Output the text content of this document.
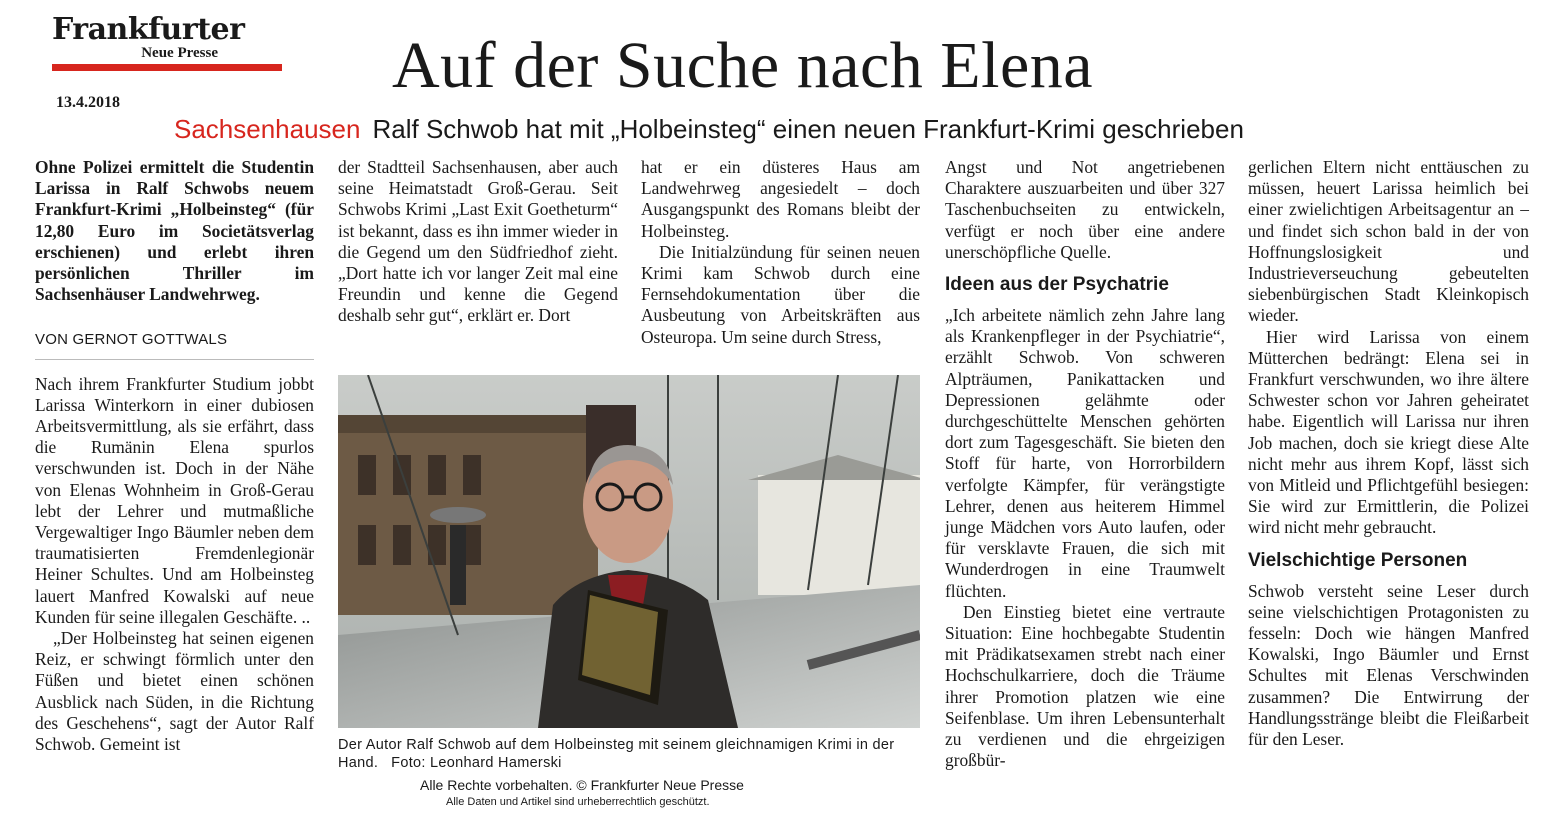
Frankfurter
Neue Presse
13.4.2018
Auf der Suche nach Elena
Sachsenhausen Ralf Schwob hat mit „Holbeinsteg“ einen neuen Frankfurt-Krimi geschrieben

Ohne Polizei ermittelt die Studentin Larissa in Ralf Schwobs neuem Frankfurt-Krimi „Holbeinsteg“ (für 12,80 Euro im Societätsverlag erschienen) und erlebt ihren persönlichen Thriller im Sachsenhäuser Landwehrweg.

VON GERNOT GOTTWALS

Nach ihrem Frankfurter Studium jobbt Larissa Winterkorn in einer dubiosen Arbeitsvermittlung, als sie erfährt, dass die Rumänin Elena spurlos verschwunden ist. Doch in der Nähe von Elenas Wohnheim in Groß-Gerau lebt der Lehrer und mutmaßliche Vergewaltiger Ingo Bäumler neben dem traumatisierten Fremdenlegionär Heiner Schultes. Und am Holbeinsteg lauert Manfred Kowalski auf neue Kunden für seine illegalen Geschäfte. ..

„Der Holbeinsteg hat seinen eigenen Reiz, er schwingt förmlich unter den Füßen und bietet einen schönen Ausblick nach Süden, in die Richtung des Geschehens“, sagt der Autor Ralf Schwob. Gemeint ist

der Stadtteil Sachsenhausen, aber auch seine Heimatstadt Groß-Gerau. Seit Schwobs Krimi „Last Exit Goetheturm“ ist bekannt, dass es ihn immer wieder in die Gegend um den Südfriedhof zieht. „Dort hatte ich vor langer Zeit mal eine Freundin und kenne die Gegend deshalb sehr gut“, erklärt er. Dort

hat er ein düsteres Haus am Landwehrweg angesiedelt – doch Ausgangspunkt des Romans bleibt der Holbeinsteg.

Die Initialzündung für seinen neuen Krimi kam Schwob durch eine Fernsehdokumentation über die Ausbeutung von Arbeitskräften aus Osteuropa. Um seine durch Stress,

Angst und Not angetriebenen Charaktere auszuarbeiten und über 327 Taschenbuchseiten zu entwickeln, verfügt er noch über eine andere unerschöpfliche Quelle.

Ideen aus der Psychatrie

„Ich arbeitete nämlich zehn Jahre lang als Krankenpfleger in der Psychiatrie“, erzählt Schwob. Von schweren Alpträumen, Panikattacken und Depressionen gelähmte oder durchgeschüttelte Menschen gehörten dort zum Tagesgeschäft. Sie bieten den Stoff für harte, von Horrorbildern verfolgte Kämpfer, für verängstigte Lehrer, denen aus heiterem Himmel junge Mädchen vors Auto laufen, oder für versklavte Frauen, die sich mit Wunderdrogen in eine Traumwelt flüchten.

Den Einstieg bietet eine vertraute Situation: Eine hochbegabte Studentin mit Prädikatsexamen strebt nach einer Hochschulkarriere, doch die Träume ihrer Promotion platzen wie eine Seifenblase. Um ihren Lebensunterhalt zu verdienen und die ehrgeizigen großbür-

gerlichen Eltern nicht enttäuschen zu müssen, heuert Larissa heimlich bei einer zwielichtigen Arbeitsagentur an – und findet sich schon bald in der von Hoffnungslosigkeit und Industrieverseuchung gebeutelten siebenbürgischen Stadt Kleinkopisch wieder.

Hier wird Larissa von einem Mütterchen bedrängt: Elena sei in Frankfurt verschwunden, wo ihre ältere Schwester schon vor Jahren geheiratet habe. Eigentlich will Larissa nur ihren Job machen, doch sie kriegt diese Alte nicht mehr aus ihrem Kopf, lässt sich von Mitleid und Pflichtgefühl besiegen: Sie wird zur Ermittlerin, die Polizei wird nicht mehr gebraucht.

Vielschichtige Personen

Schwob versteht seine Leser durch seine vielschichtigen Protagonisten zu fesseln: Doch wie hängen Manfred Kowalski, Ingo Bäumler und Ernst Schultes mit Elenas Verschwinden zusammen? Die Entwirrung der Handlungsstränge bleibt die Fleißarbeit für den Leser.

Der Autor Ralf Schwob auf dem Holbeinsteg mit seinem gleichnamigen Krimi in der Hand.   Foto: Leonhard Hamerski
Alle Rechte vorbehalten. © Frankfurter Neue Presse
Alle Daten und Artikel sind urheberrechtlich geschützt.
